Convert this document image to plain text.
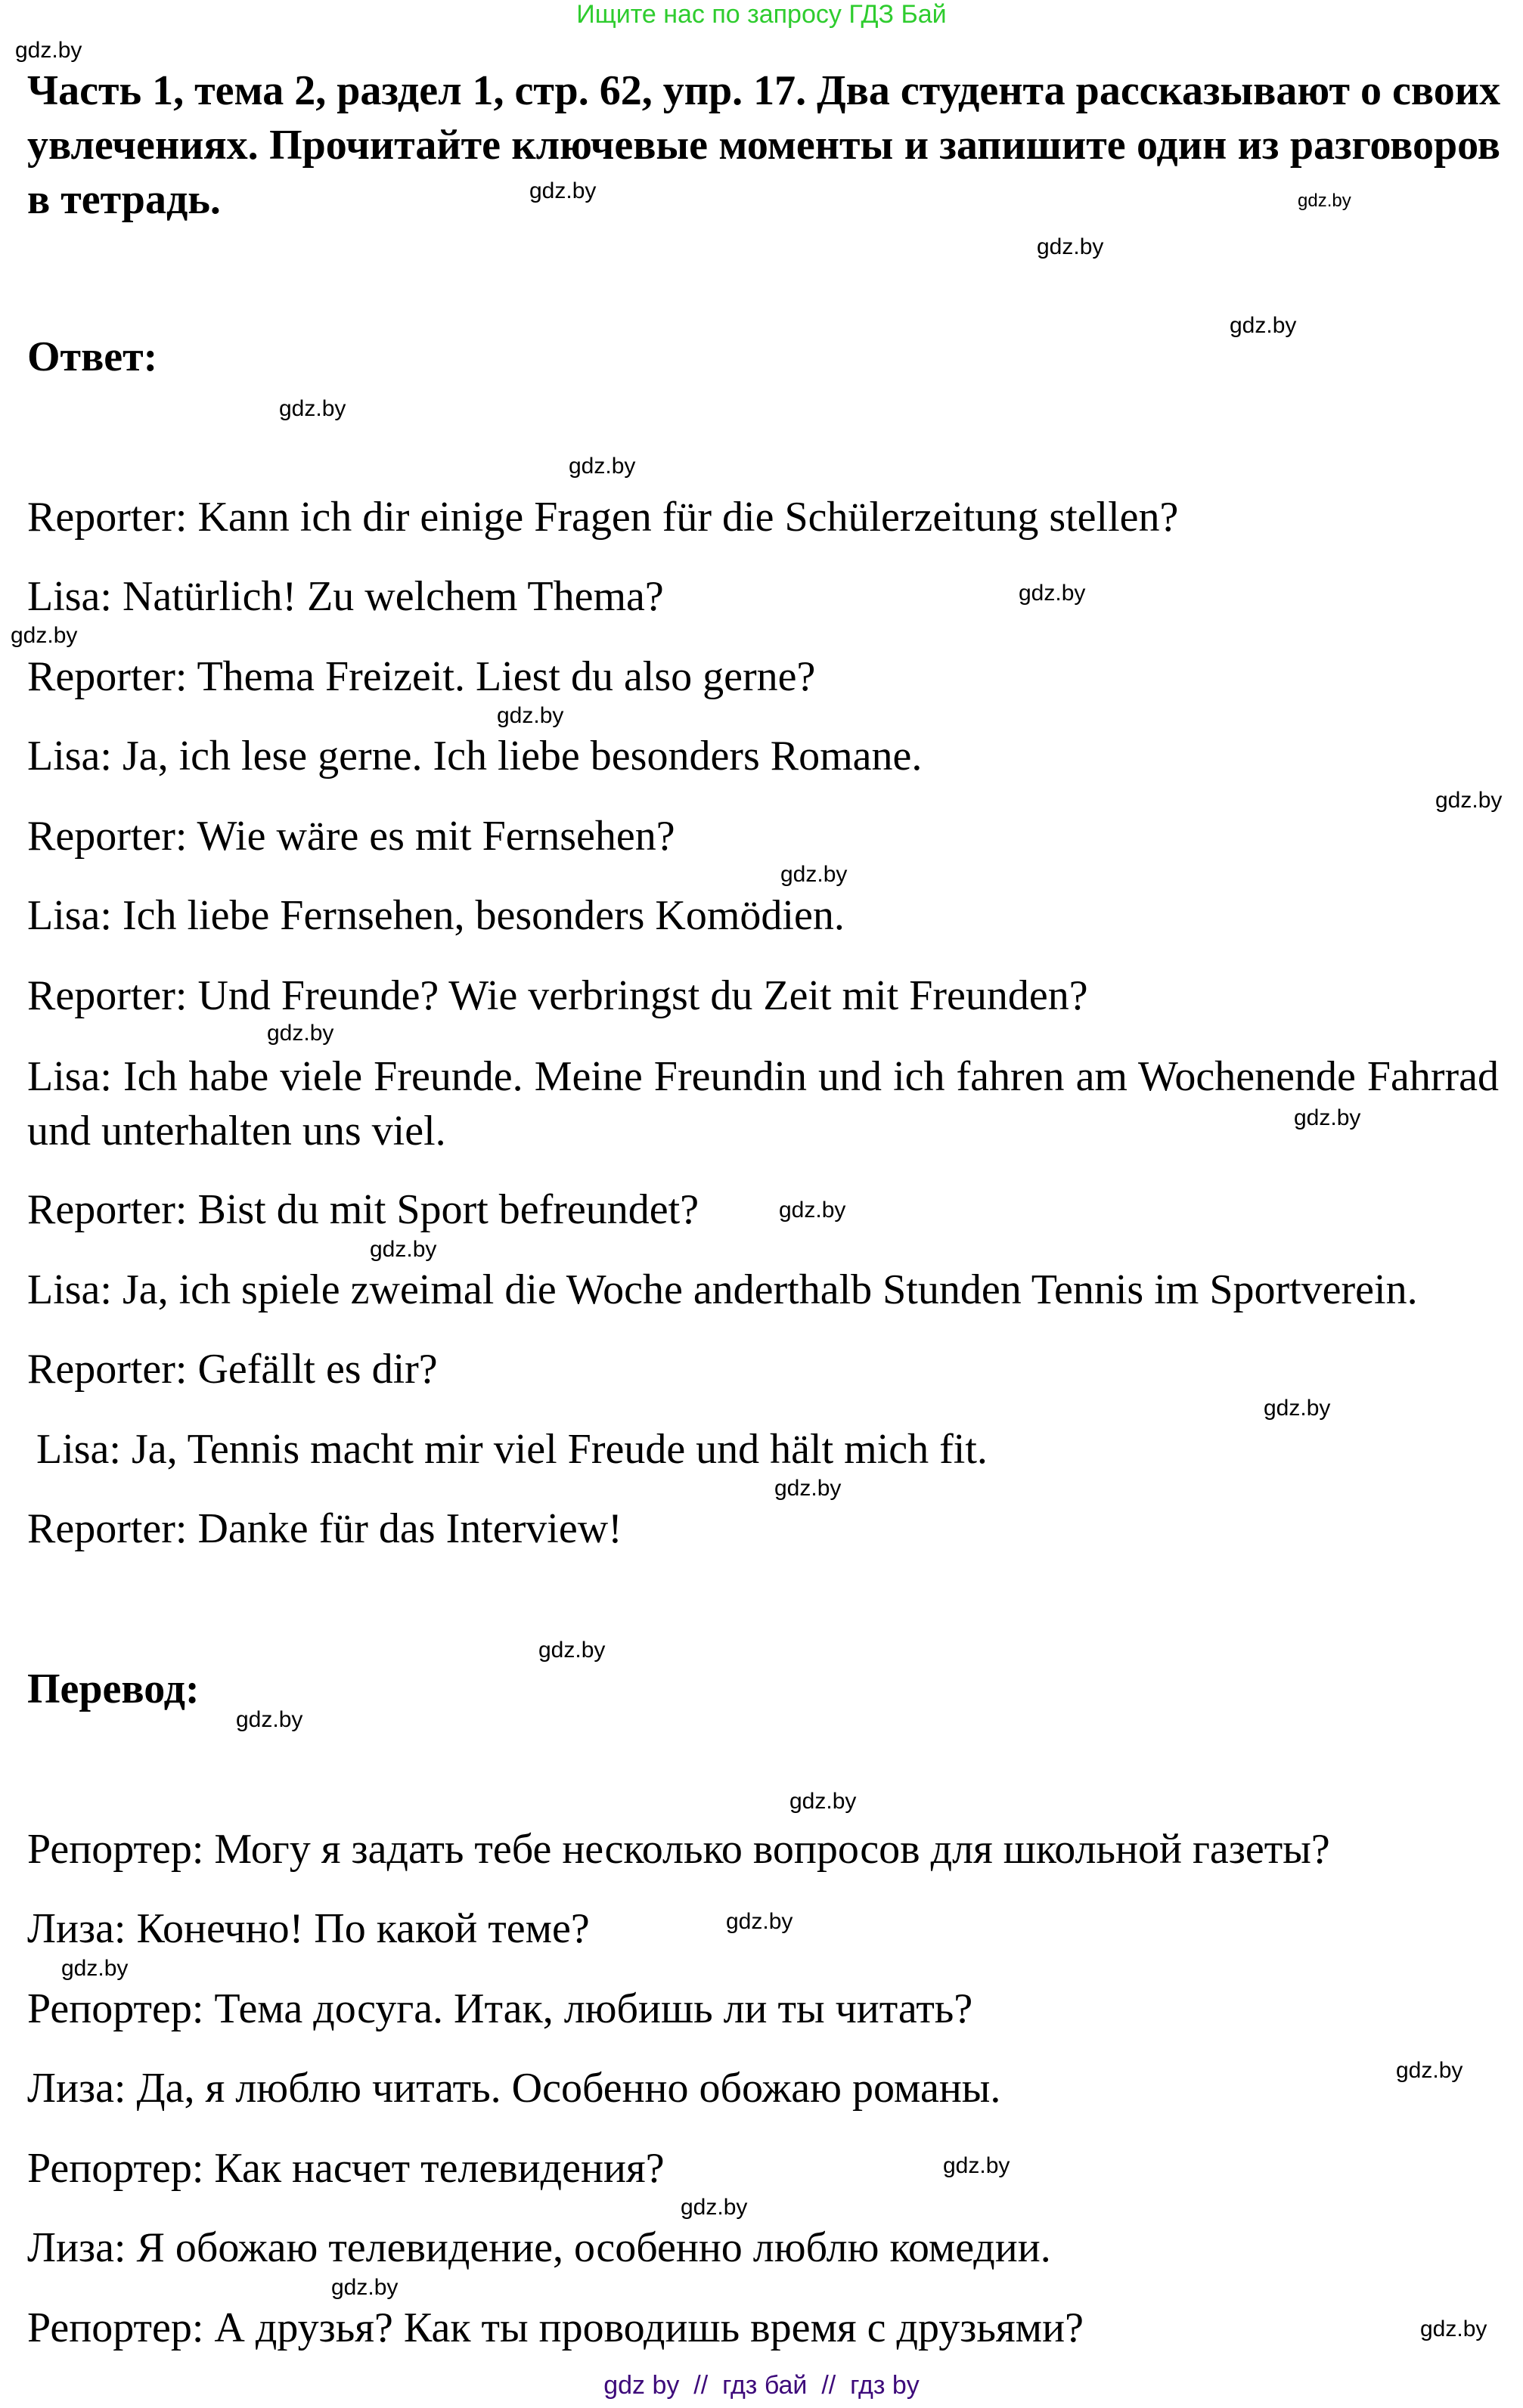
Ищите нас по запросу ГДЗ Бай

Часть 1, тема 2, раздел 1, стр. 62, упр. 17. Два студента рассказывают о своих увлечениях. Прочитайте ключевые моменты и запишите один из разговоров в тетрадь.

Ответ:
Reporter: Kann ich dir einige Fragen für die Schülerzeitung stellen?
Lisa: Natürlich! Zu welchem Thema?
Reporter: Thema Freizeit. Liest du also gerne?
Lisa: Ja, ich lese gerne. Ich liebe besonders Romane.
Reporter: Wie wäre es mit Fernsehen?
Lisa: Ich liebe Fernsehen, besonders Komödien.
Reporter: Und Freunde? Wie verbringst du Zeit mit Freunden?
Lisa: Ich habe viele Freunde. Meine Freundin und ich fahren am Wochenende Fahrrad und unterhalten uns viel.
Reporter: Bist du mit Sport befreundet?
Lisa: Ja, ich spiele zweimal die Woche anderthalb Stunden Tennis im Sportverein.
Reporter: Gefällt es dir?
Lisa: Ja, Tennis macht mir viel Freude und hält mich fit.
Reporter: Danke für das Interview!
Перевод:
Репортер: Могу я задать тебе несколько вопросов для школьной газеты?
Лиза: Конечно! По какой теме?
Репортер: Тема досуга. Итак, любишь ли ты читать?
Лиза: Да, я люблю читать. Особенно обожаю романы.
Репортер: Как насчет телевидения?
Лиза: Я обожаю телевидение, особенно люблю комедии.
Репортер: А друзья? Как ты проводишь время с друзьями?
gdz.by
gdz.by
gdz.by
gdz.by
gdz.by
gdz.by
gdz.by
gdz.by
gdz.by
gdz.by
gdz.by
gdz.by
gdz.by
gdz.by
gdz.by
gdz.by
gdz.by
gdz.by
gdz.by
gdz.by
gdz.by
gdz.by
gdz.by
gdz.by
gdz.by
gdz.by
gdz.by
gdz.by
gdz by  //  гдз бай  //  гдз by
